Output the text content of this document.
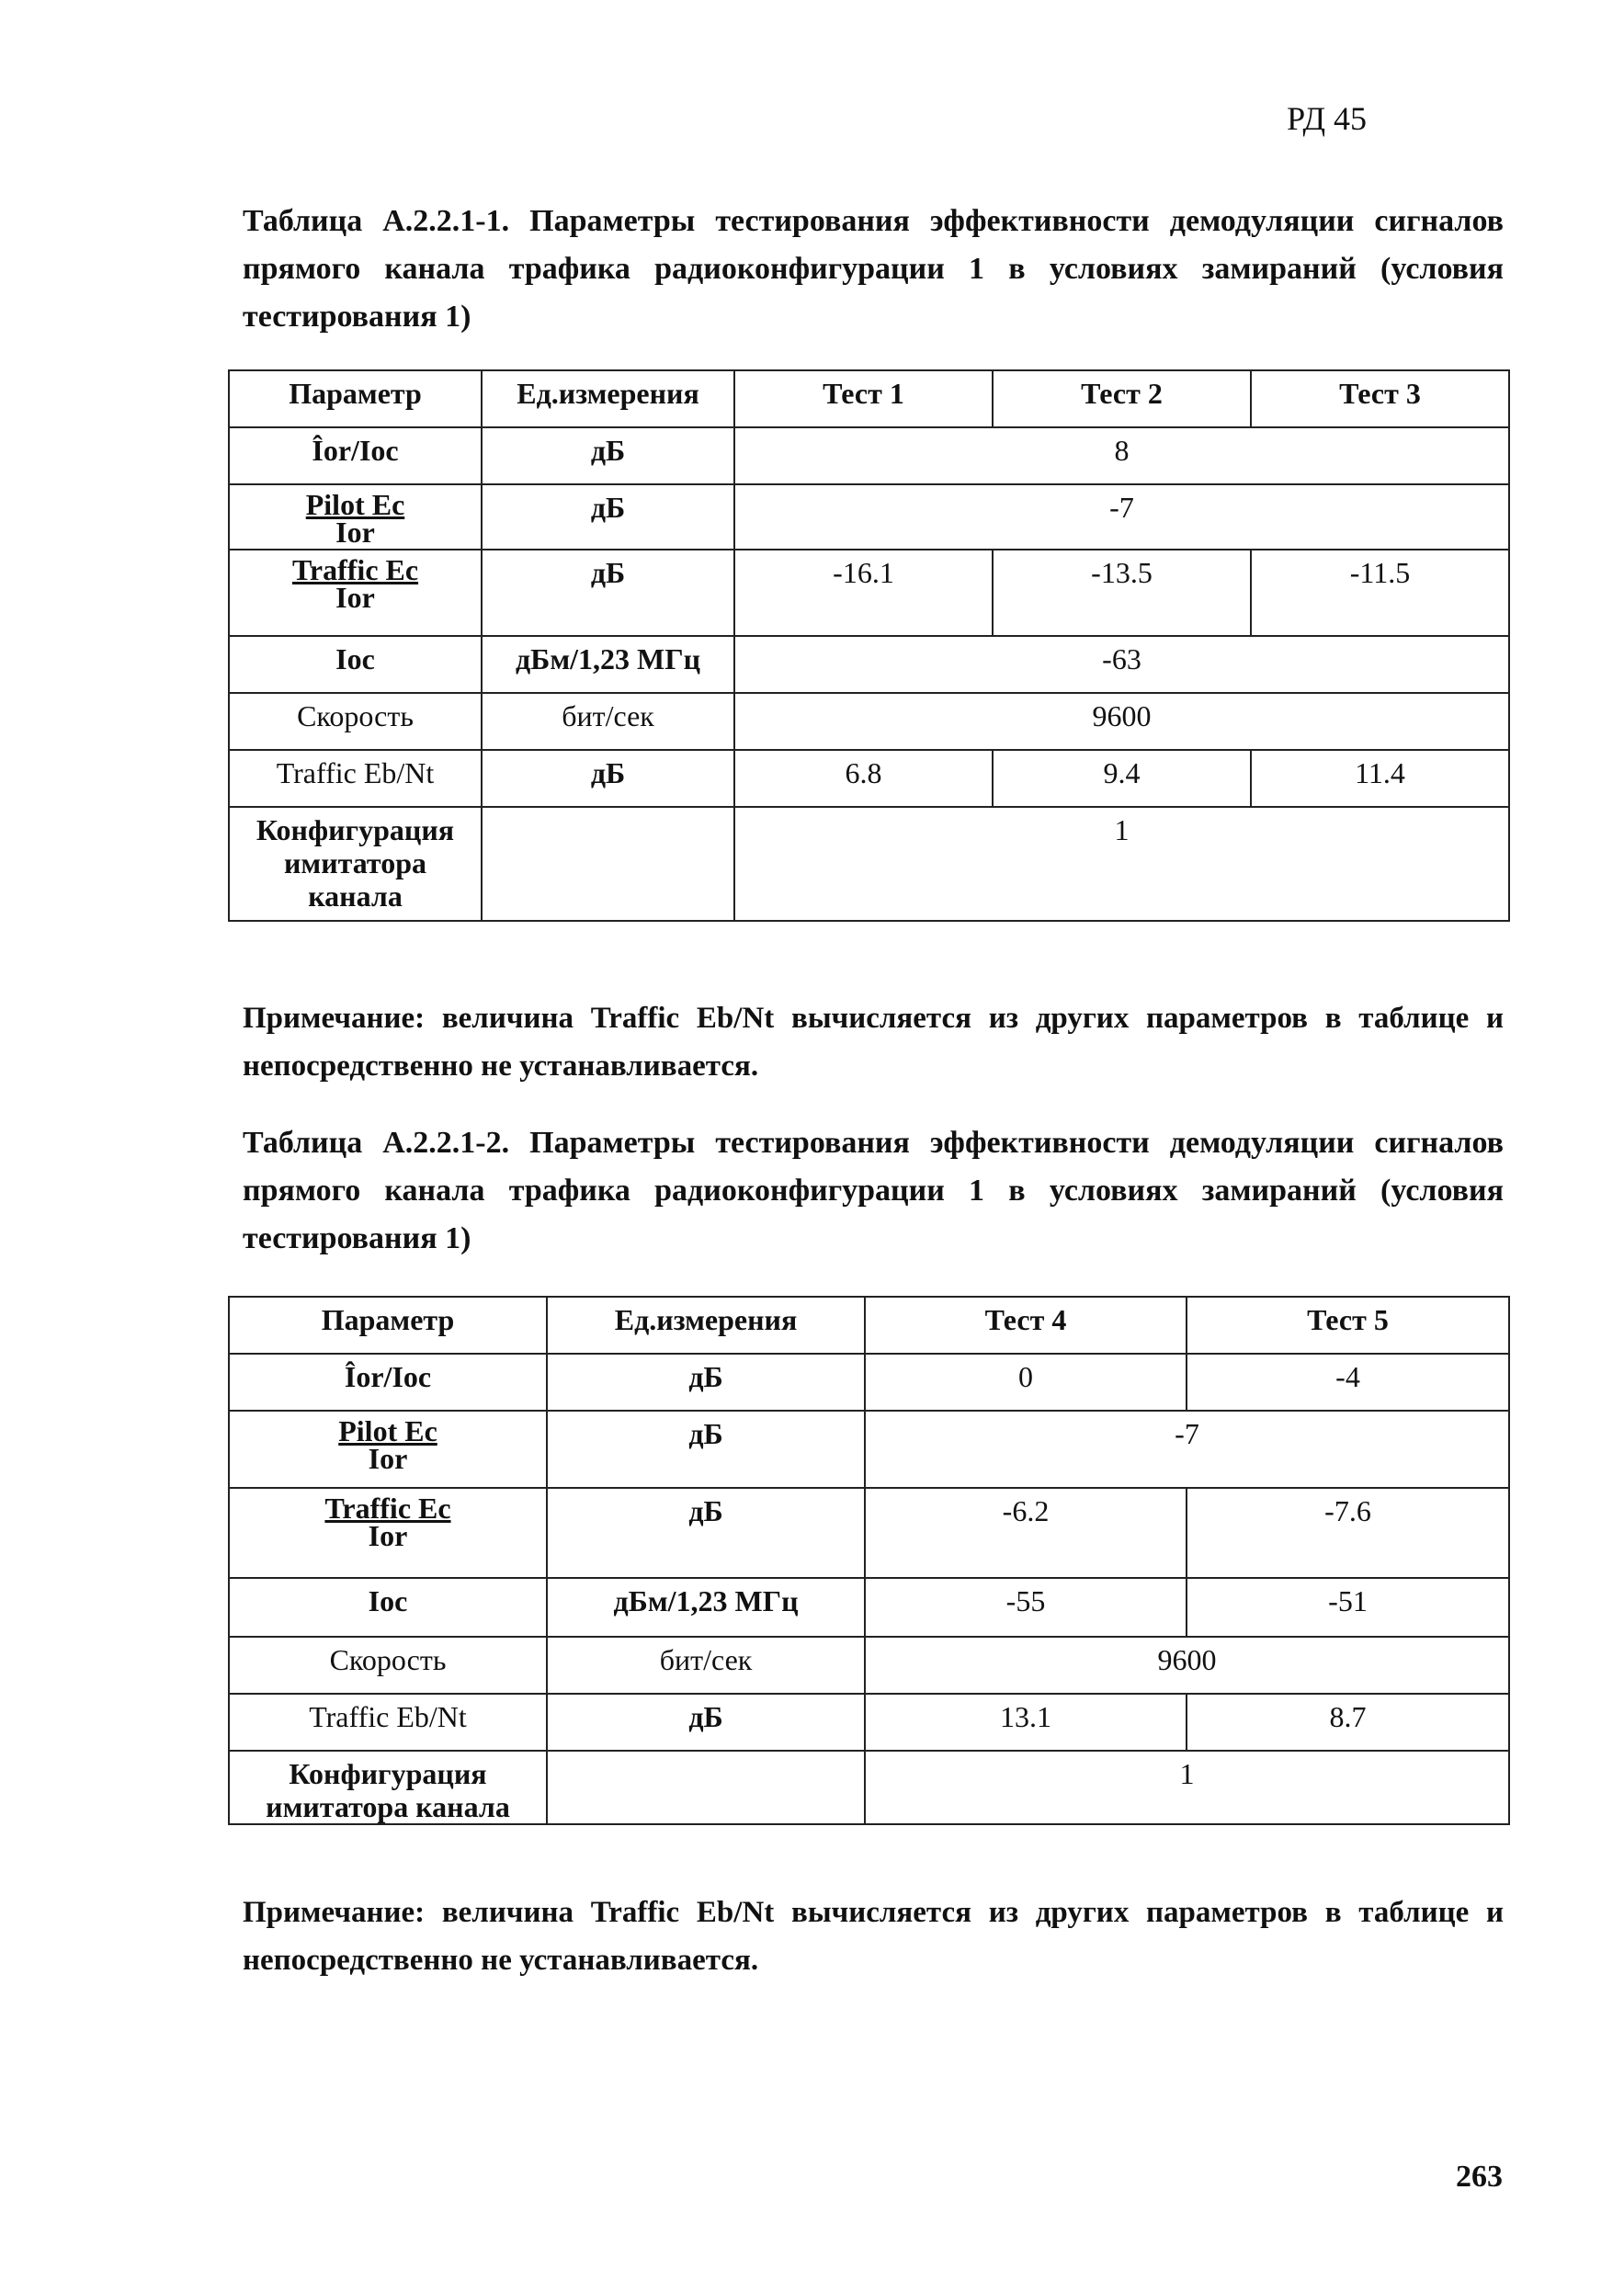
РД 45
Таблица А.2.2.1-1. Параметры тестирования эффективности демодуляции сигналов прямого канала трафика радиоконфигурации 1 в условиях замираний (условия тестирования 1)
Параметр	Ед.измерения	Тест 1	Тест 2	Тест 3
Îor/Ioc	дБ	8		

$\frac{\text{Pilot Ec}}{\text{Ior}}$	дБ	-7		

$\frac{\text{Traffic Ec}}{\text{Ior}}$	дБ	-16.1	-13.5	-11.5
Ioc	дБм/1,23 МГц	-63		
Скорость	бит/сек	9600		
Traffic Eb/Nt	дБ	6.8	9.4	11.4
Конфигурация имитатора канала		1		
Примечание: величина Traffic Eb/Nt вычисляется из других параметров в таблице и непосредственно не устанавливается.
Таблица А.2.2.1-2. Параметры тестирования эффективности демодуляции сигналов прямого канала трафика радиоконфигурации 1 в условиях замираний (условия тестирования 1)
Параметр	Ед.измерения	Тест 4	Тест 5
Îor/Ioc	дБ	0	-4

$\frac{\text{Pilot Ec}}{\text{Ior}}$	дБ	-7	

$\frac{\text{Traffic Ec}}{\text{Ior}}$	дБ	-6.2	-7.6
Ioc	дБм/1,23 МГц	-55	-51
Скорость	бит/сек	9600	
Traffic Eb/Nt	дБ	13.1	8.7
Конфигурация имитатора канала		1	
Примечание: величина Traffic Eb/Nt вычисляется из других параметров в таблице и непосредственно не устанавливается.
263
